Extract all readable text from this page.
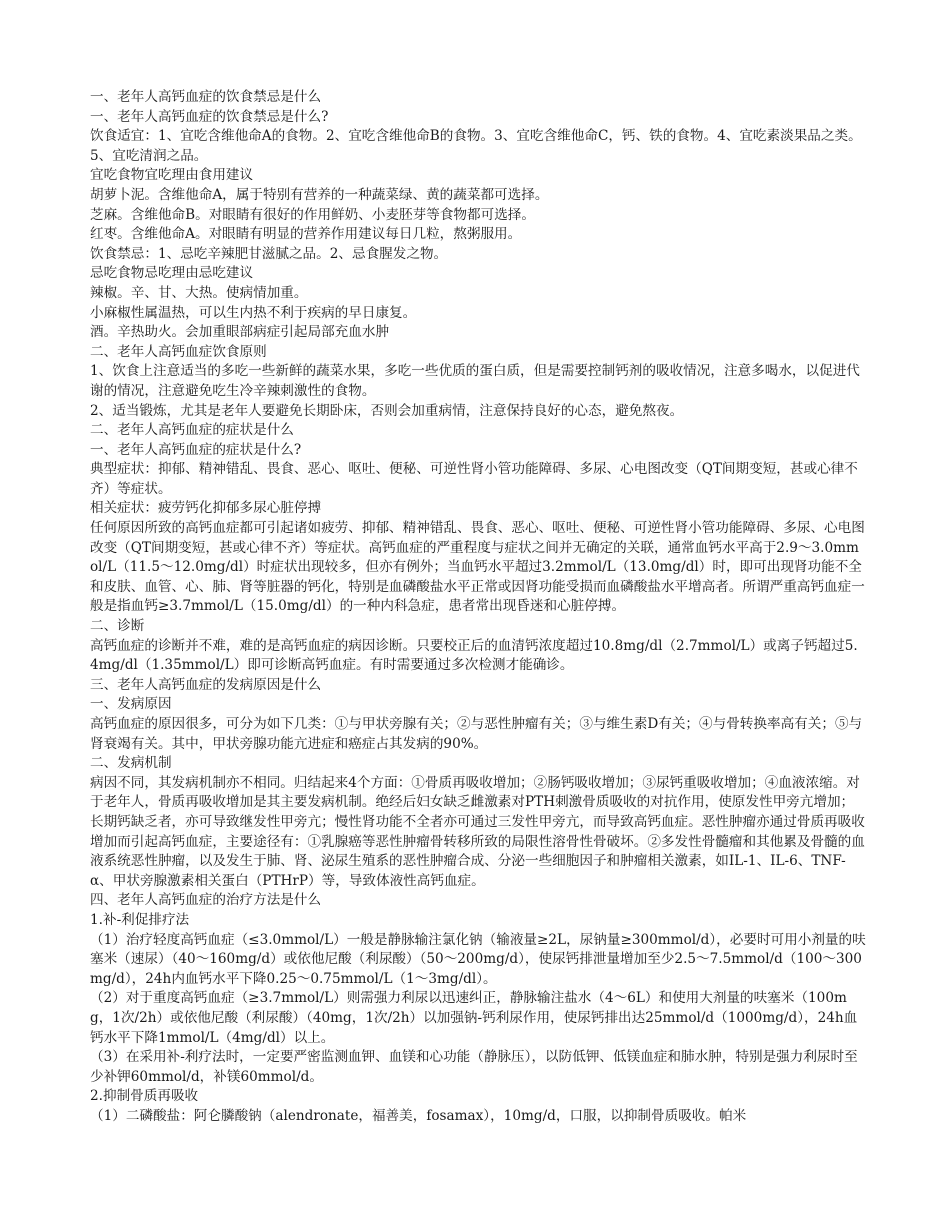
一、老年人高钙血症的饮食禁忌是什么

一、老年人高钙血症的饮食禁忌是什么?

饮食适宜：1、宜吃含维他命A的食物。2、宜吃含维他命B的食物。3、宜吃含维他命C，钙、铁的食物。4、宜吃素淡果品之类。5、宜吃清润之品。

宜吃食物宜吃理由食用建议

胡萝卜泥。含维他命A，属于特别有营养的一种蔬菜绿、黄的蔬菜都可选择。

芝麻。含维他命B。对眼睛有很好的作用鲜奶、小麦胚芽等食物都可选择。

红枣。含维他命A。对眼睛有明显的营养作用建议每日几粒，熬粥服用。

饮食禁忌：1、忌吃辛辣肥甘滋腻之品。2、忌食腥发之物。

忌吃食物忌吃理由忌吃建议

辣椒。辛、甘、大热。使病情加重。

小麻椒性属温热，可以生内热不利于疾病的早日康复。

酒。辛热助火。会加重眼部病症引起局部充血水肿

二、老年人高钙血症饮食原则

1、饮食上注意适当的多吃一些新鲜的蔬菜水果，多吃一些优质的蛋白质，但是需要控制钙剂的吸收情况，注意多喝水，以促进代谢的情况，注意避免吃生冷辛辣刺激性的食物。

2、适当锻炼，尤其是老年人要避免长期卧床，否则会加重病情，注意保持良好的心态，避免熬夜。

二、老年人高钙血症的症状是什么

一、老年人高钙血症的症状是什么?

典型症状：抑郁、精神错乱、畏食、恶心、呕吐、便秘、可逆性肾小管功能障碍、多尿、心电图改变（QT间期变短，甚或心律不齐）等症状。

相关症状：疲劳钙化抑郁多尿心脏停搏

任何原因所致的高钙血症都可引起诸如疲劳、抑郁、精神错乱、畏食、恶心、呕吐、便秘、可逆性肾小管功能障碍、多尿、心电图改变（QT间期变短，甚或心律不齐）等症状。高钙血症的严重程度与症状之间并无确定的关联，通常血钙水平高于2.9～3.0mmol/L（11.5～12.0mg/dl）时症状出现较多，但亦有例外；当血钙水平超过3.2mmol/L（13.0mg/dl）时，即可出现肾功能不全和皮肤、血管、心、肺、肾等脏器的钙化，特别是血磷酸盐水平正常或因肾功能受损而血磷酸盐水平增高者。所谓严重高钙血症一般是指血钙≥3.7mmol/L（15.0mg/dl）的一种内科急症，患者常出现昏迷和心脏停搏。

二、诊断

高钙血症的诊断并不难，难的是高钙血症的病因诊断。只要校正后的血清钙浓度超过10.8mg/dl（2.7mmol/L）或离子钙超过5.4mg/dl（1.35mmol/L）即可诊断高钙血症。有时需要通过多次检测才能确诊。

三、老年人高钙血症的发病原因是什么

一、发病原因

高钙血症的原因很多，可分为如下几类：①与甲状旁腺有关；②与恶性肿瘤有关；③与维生素D有关；④与骨转换率高有关；⑤与肾衰竭有关。其中，甲状旁腺功能亢进症和癌症占其发病的90%。

二、发病机制

病因不同，其发病机制亦不相同。归结起来4个方面：①骨质再吸收增加；②肠钙吸收增加；③尿钙重吸收增加；④血液浓缩。对于老年人，骨质再吸收增加是其主要发病机制。绝经后妇女缺乏雌激素对PTH刺激骨质吸收的对抗作用，使原发性甲旁亢增加；长期钙缺乏者，亦可导致继发性甲旁亢；慢性肾功能不全者亦可通过三发性甲旁亢，而导致高钙血症。恶性肿瘤亦通过骨质再吸收增加而引起高钙血症，主要途径有：①乳腺癌等恶性肿瘤骨转移所致的局限性溶骨性骨破坏。②多发性骨髓瘤和其他累及骨髓的血液系统恶性肿瘤，以及发生于肺、肾、泌尿生殖系的恶性肿瘤合成、分泌一些细胞因子和肿瘤相关激素，如IL-1、IL-6、TNF-α、甲状旁腺激素相关蛋白（PTHrP）等，导致体液性高钙血症。

四、老年人高钙血症的治疗方法是什么

1.补-利促排疗法

（1）治疗轻度高钙血症（≤3.0mmol/L）一般是静脉输注氯化钠（输液量≥2L，尿钠量≥300mmol/d），必要时可用小剂量的呋塞米（速尿）（40～160mg/d）或依他尼酸（利尿酸）（50～200mg/d），使尿钙排泄量增加至少2.5～7.5mmol/d（100～300mg/d），24h内血钙水平下降0.25～0.75mmol/L（1～3mg/dl）。

（2）对于重度高钙血症（≥3.7mmol/L）则需强力利尿以迅速纠正，静脉输注盐水（4～6L）和使用大剂量的呋塞米（100mg，1次/2h）或依他尼酸（利尿酸）（40mg，1次/2h）以加强钠-钙利尿作用，使尿钙排出达25mmol/d（1000mg/d），24h血钙水平下降1mmol/L（4mg/dl）以上。

（3）在采用补-利疗法时，一定要严密监测血钾、血镁和心功能（静脉压），以防低钾、低镁血症和肺水肿，特别是强力利尿时至少补钾60mmol/d，补镁60mmol/d。

2.抑制骨质再吸收

（1）二磷酸盐：阿仑膦酸钠（alendronate，福善美，fosamax），10mg/d，口服，以抑制骨质吸收。帕米
